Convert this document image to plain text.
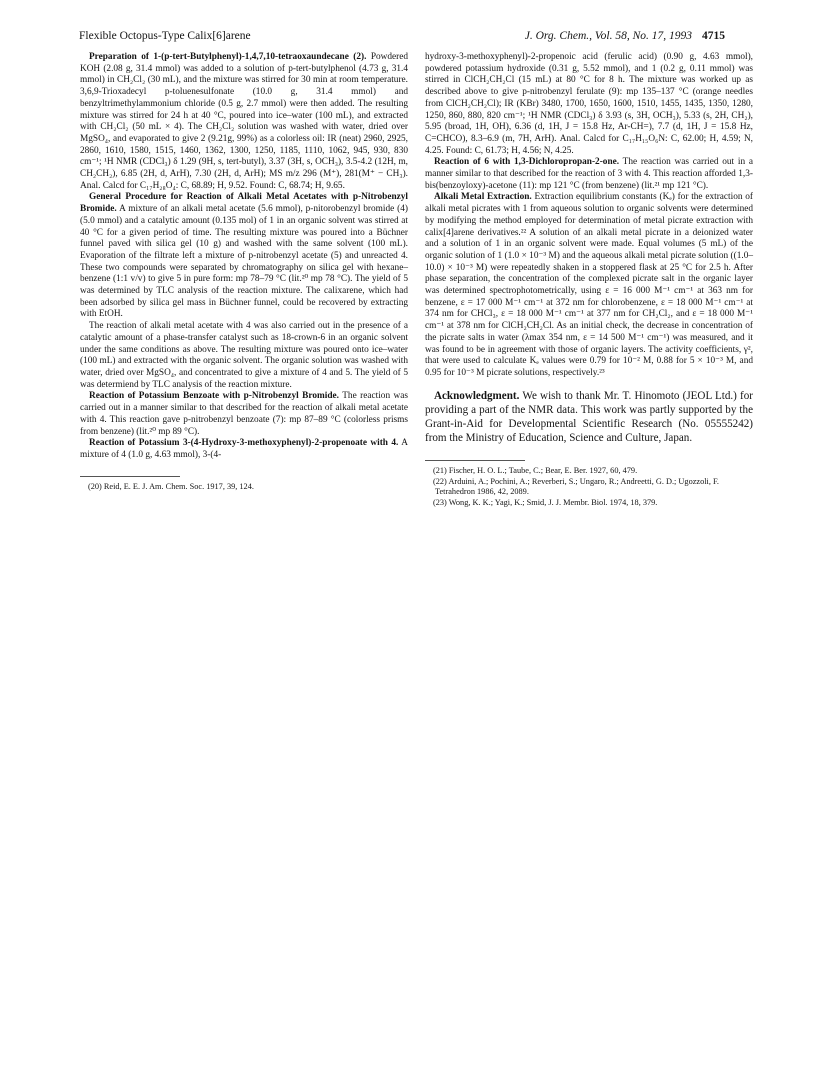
Flexible Octopus-Type Calix[6]arene	J. Org. Chem., Vol. 58, No. 17, 1993 4715

Preparation of 1-(p-tert-Butylphenyl)-1,4,7,10-tetraoxaundecane (2). Powdered KOH (2.08 g, 31.4 mmol) was added to a solution of p-tert-butylphenol (4.73 g, 31.4 mmol) in CH₂Cl₂ (30 mL), and the mixture was stirred for 30 min at room temperature. 3,6,9-Trioxadecyl p-toluenesulfonate (10.0 g, 31.4 mmol) and benzyltrimethylammonium chloride (0.5 g, 2.7 mmol) were then added. The resulting mixture was stirred for 24 h at 40 °C, poured into ice–water (100 mL), and extracted with CH₂Cl₂ (50 mL × 4). The CH₂Cl₂ solution was washed with water, dried over MgSO₄, and evaporated to give 2 (9.21g, 99%) as a colorless oil: IR (neat) 2960, 2925, 2860, 1610, 1580, 1515, 1460, 1362, 1300, 1250, 1185, 1110, 1062, 945, 930, 830 cm⁻¹; ¹H NMR (CDCl₃) δ 1.29 (9H, s, tert-butyl), 3.37 (3H, s, OCH₃), 3.5-4.2 (12H, m, CH₂CH₂), 6.85 (2H, d, ArH), 7.30 (2H, d, ArH); MS m/z 296 (M⁺), 281(M⁺ − CH₃). Anal. Calcd for C₁₇H₂₈O₄: C, 68.89; H, 9.52. Found: C, 68.74; H, 9.65.

General Procedure for Reaction of Alkali Metal Acetates with p-Nitrobenzyl Bromide. A mixture of an alkali metal acetate (5.6 mmol), p-nitorobenzyl bromide (4) (5.0 mmol) and a catalytic amount (0.135 mol) of 1 in an organic solvent was stirred at 40 °C for a given period of time. The resulting mixture was poured into a Büchner funnel paved with silica gel (10 g) and washed with the same solvent (100 mL). Evaporation of the filtrate left a mixture of p-nitrobenzyl acetate (5) and unreacted 4. These two compounds were separated by chromatography on silica gel with hexane–benzene (1:1 v/v) to give 5 in pure form: mp 78–79 °C (lit.²⁰ mp 78 °C). The yield of 5 was determined by TLC analysis of the reaction mixture. The calixarene, which had been adsorbed by silica gel mass in Büchner funnel, could be recovered by extracting with EtOH.

The reaction of alkali metal acetate with 4 was also carried out in the presence of a catalytic amount of a phase-transfer catalyst such as 18-crown-6 in an organic solvent under the same conditions as above. The resulting mixture was poured onto ice–water (100 mL) and extracted with the organic solvent. The organic solution was washed with water, dried over MgSO₄, and concentrated to give a mixture of 4 and 5. The yield of 5 was determiend by TLC analysis of the reaction mixture.

Reaction of Potassium Benzoate with p-Nitrobenzyl Bromide. The reaction was carried out in a manner similar to that described for the reaction of alkali metal acetate with 4. This reaction gave p-nitrobenzyl benzoate (7): mp 87–89 °C (colorless prisms from benzene) (lit.²⁰ mp 89 °C).

Reaction of Potassium 3-(4-Hydroxy-3-methoxyphenyl)-2-propenoate with 4. A mixture of 4 (1.0 g, 4.63 mmol), 3-(4-

(20) Reid, E. E. J. Am. Chem. Soc. 1917, 39, 124.

hydroxy-3-methoxyphenyl)-2-propenoic acid (ferulic acid) (0.90 g, 4.63 mmol), powdered potassium hydroxide (0.31 g, 5.52 mmol), and 1 (0.2 g, 0.11 mmol) was stirred in ClCH₂CH₂Cl (15 mL) at 80 °C for 8 h. The mixture was worked up as described above to give p-nitrobenzyl ferulate (9): mp 135–137 °C (orange needles from ClCH₂CH₂Cl); IR (KBr) 3480, 1700, 1650, 1600, 1510, 1455, 1435, 1350, 1280, 1250, 860, 880, 820 cm⁻¹; ¹H NMR (CDCl₃) δ 3.93 (s, 3H, OCH₃), 5.33 (s, 2H, CH₂), 5.95 (broad, 1H, OH), 6.36 (d, 1H, J = 15.8 Hz, Ar-CH=), 7.7 (d, 1H, J = 15.8 Hz, C=CHCO), 8.3–6.9 (m, 7H, ArH). Anal. Calcd for C₁₇H₁₅O₆N: C, 62.00; H, 4.59; N, 4.25. Found: C, 61.73; H, 4.56; N, 4.25.

Reaction of 6 with 1,3-Dichloropropan-2-one. The reaction was carried out in a manner similar to that described for the reaction of 3 with 4. This reaction afforded 1,3-bis(benzoyloxy)-acetone (11): mp 121 °C (from benzene) (lit.²¹ mp 121 °C).

Alkali Metal Extraction. Extraction equilibrium constants (Kₑ) for the extraction of alkali metal picrates with 1 from aqueous solution to organic solvents were determined by modifying the method employed for determination of metal picrate extraction with calix[4]arene derivatives.²² A solution of an alkali metal picrate in a deionized water and a solution of 1 in an organic solvent were made. Equal volumes (5 mL) of the organic solution of 1 (1.0 × 10⁻³ M) and the aqueous alkali metal picrate solution ((1.0–10.0) × 10⁻³ M) were repeatedly shaken in a stoppered flask at 25 °C for 2.5 h. After phase separation, the concentration of the complexed picrate salt in the organic layer was determined spectrophotometrically, using ε = 16 000 M⁻¹ cm⁻¹ at 363 nm for benzene, ε = 17 000 M⁻¹ cm⁻¹ at 372 nm for chlorobenzene, ε = 18 000 M⁻¹ cm⁻¹ at 374 nm for CHCl₃, ε = 18 000 M⁻¹ cm⁻¹ at 377 nm for CH₂Cl₂, and ε = 18 000 M⁻¹ cm⁻¹ at 378 nm for ClCH₂CH₂Cl. As an initial check, the decrease in concentration of the picrate salts in water (λmax 354 nm, ε = 14 500 M⁻¹ cm⁻¹) was measured, and it was found to be in agreement with those of organic layers. The activity coefficients, γ², that were used to calculate Kₑ values were 0.79 for 10⁻² M, 0.88 for 5 × 10⁻³ M, and 0.95 for 10⁻³ M picrate solutions, respectively.²³

Acknowledgment. We wish to thank Mr. T. Hinomoto (JEOL Ltd.) for providing a part of the NMR data. This work was partly supported by the Grant-in-Aid for Developmental Scientific Research (No. 05555242) from the Ministry of Education, Science and Culture, Japan.

(21) Fischer, H. O. L.; Taube, C.; Bear, E. Ber. 1927, 60, 479.

(22) Arduini, A.; Pochini, A.; Reverberi, S.; Ungaro, R.; Andreetti, G. D.; Ugozzoli, F. Tetrahedron 1986, 42, 2089.

(23) Wong, K. K.; Yagi, K.; Smid, J. J. Membr. Biol. 1974, 18, 379.
